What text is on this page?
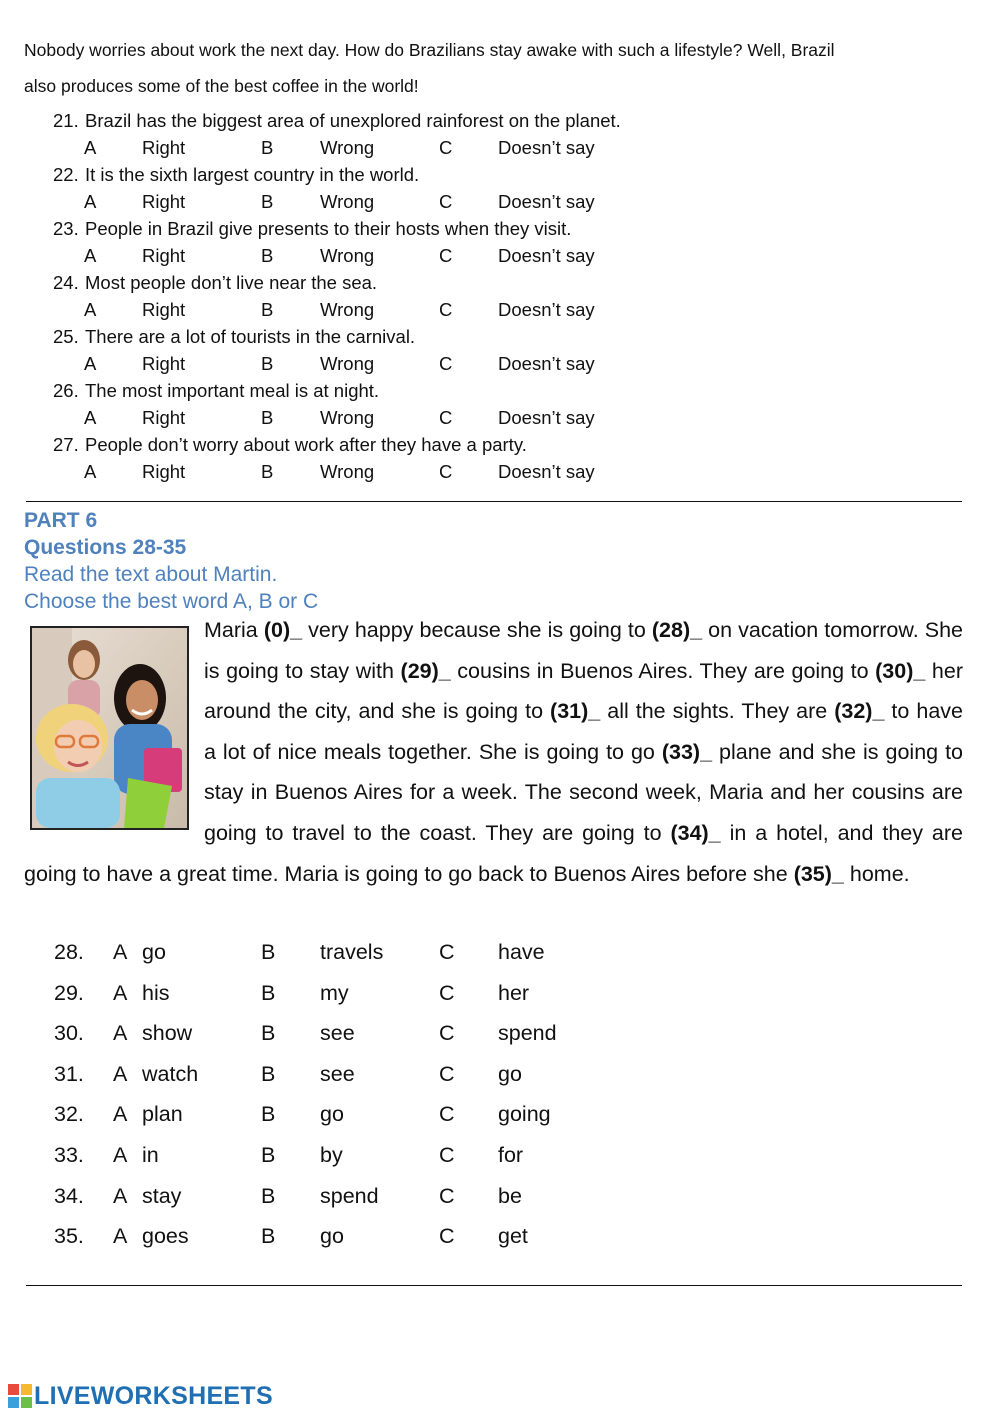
Nobody worries about work the next day. How do Brazilians stay awake with such a lifestyle? Well, Brazil

also produces some of the best coffee in the world!

21. Brazil has the biggest area of unexplored rainforest on the planet.
A Right	B	Wrong	C Doesn’t say
22. It is the sixth largest country in the world.
A Right	B	Wrong	C Doesn’t say
23. People in Brazil give presents to their hosts when they visit.
A Right	B	Wrong	C Doesn’t say
24. Most people don’t live near the sea.
A Right	B	Wrong	C Doesn’t say
25. There are a lot of tourists in the carnival.
A Right	B	Wrong	C Doesn’t say
26. The most important meal is at night.
A Right	B	Wrong	C Doesn’t say
27. People don’t worry about work after they have a party.
A Right	B	Wrong	C Doesn’t say
PART 6
Questions 28-35
Read the text about Martin.
Choose the best word A, B or C

Maria (0)_ very happy because she is going to (28)_ on vacation tomorrow. She is going to stay with (29)_ cousins in Buenos Aires. They are going to (30)_ her around the city, and she is going to (31)_ all the sights. They are (32)_ to have a lot of nice meals together. She is going to go (33)_ plane and she is going to stay in Buenos Aires for a week. The second week, Maria and her cousins are going to travel to the coast. They are going to (34)_ in a hotel, and they are going to have a great time. Maria is going to go back to Buenos Aires before she (35)_ home.

28. A go	B travels	C have
29. A his	B my	C her
30. A show	B see	C spend
31. A watch	B see	C go
32. A plan	B go	C going
33. A in	B by	C for
34. A stay	B spend	C be
35. A goes	B go	C get
LIVEWORKSHEETS
